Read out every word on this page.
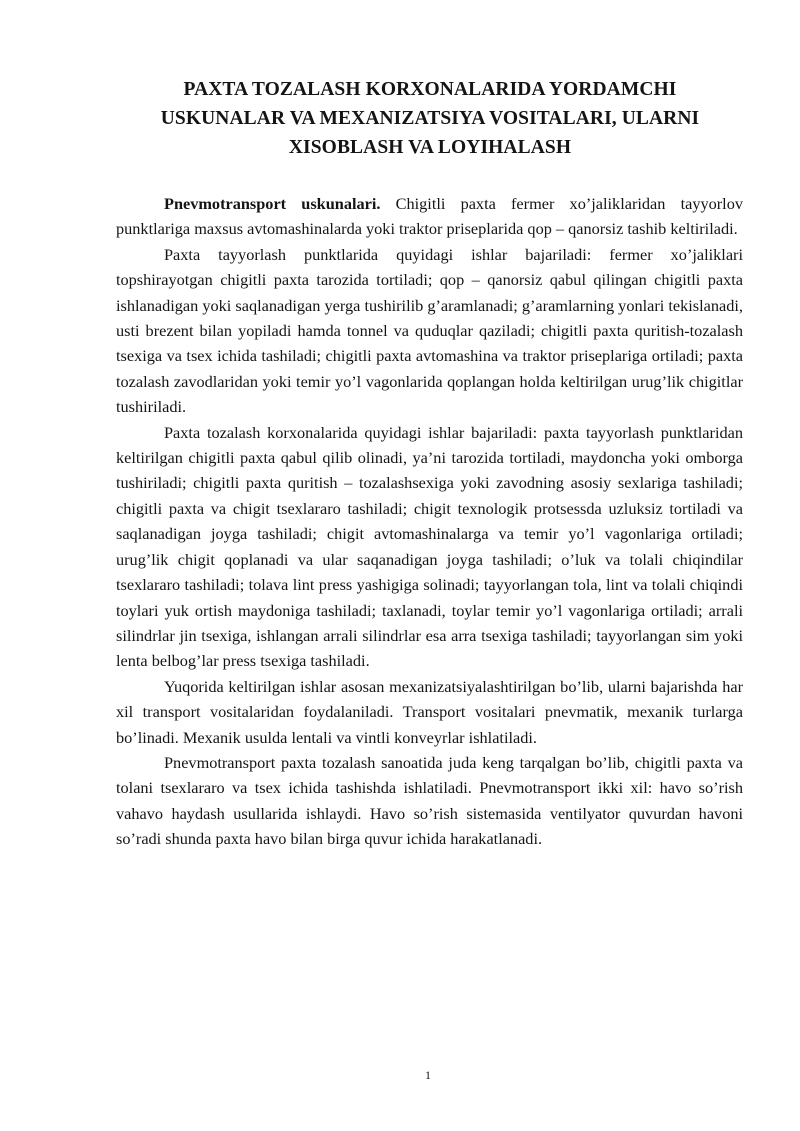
PAXTA TOZALASH KORXONALARIDA YORDAMCHI
USKUNALAR VA MEXANIZATSIYA VOSITALARI, ULARNI
XISOBLASH VA LOYIHALASH

Pnevmotransport uskunalari. Chigitli paxta fermer xo’jaliklaridan tayyorlov punktlariga maxsus avtomashinalarda yoki traktor priseplarida qop – qanorsiz tashib keltiriladi.

Paxta tayyorlash punktlarida quyidagi ishlar bajariladi: fermer xo’jaliklari topshirayotgan chigitli paxta tarozida tortiladi; qop – qanorsiz qabul qilingan chigitli paxta ishlanadigan yoki saqlanadigan yerga tushirilib g’aramlanadi; g’aramlarning yonlari tekislanadi, usti brezent bilan yopiladi hamda tonnel va quduqlar qaziladi; chigitli paxta quritish-tozalash tsexiga va tsex ichida tashiladi; chigitli paxta avtomashina va traktor priseplariga ortiladi; paxta tozalash zavodlaridan yoki temir yo’l vagonlarida qoplangan holda keltirilgan urug’lik chigitlar tushiriladi.

Paxta tozalash korxonalarida quyidagi ishlar bajariladi: paxta tayyorlash punktlaridan keltirilgan chigitli paxta qabul qilib olinadi, ya’ni tarozida tortiladi, maydoncha yoki omborga tushiriladi; chigitli paxta quritish – tozalashsexiga yoki zavodning asosiy sexlariga tashiladi; chigitli paxta va chigit tsexlararo tashiladi; chigit texnologik protsessda uzluksiz tortiladi va saqlanadigan joyga tashiladi; chigit avtomashinalarga va temir yo’l vagonlariga ortiladi; urug’lik chigit qoplanadi va ular saqanadigan joyga tashiladi; o’luk va tolali chiqindilar tsexlararo tashiladi; tolava lint press yashigiga solinadi; tayyorlangan tola, lint va tolali chiqindi toylari yuk ortish maydoniga tashiladi; taxlanadi, toylar temir yo’l vagonlariga ortiladi; arrali silindrlar jin tsexiga, ishlangan arrali silindrlar esa arra tsexiga tashiladi; tayyorlangan sim yoki lenta belbog’lar press tsexiga tashiladi.

Yuqorida keltirilgan ishlar asosan mexanizatsiyalashtirilgan bo’lib, ularni bajarishda har xil transport vositalaridan foydalaniladi. Transport vositalari pnevmatik, mexanik turlarga bo’linadi. Mexanik usulda lentali va vintli konveyrlar ishlatiladi.

Pnevmotransport paxta tozalash sanoatida juda keng tarqalgan bo’lib, chigitli paxta va tolani tsexlararo va tsex ichida tashishda ishlatiladi. Pnevmotransport ikki xil: havo so’rish vahavo haydash usullarida ishlaydi. Havo so’rish sistemasida ventilyator quvurdan havoni so’radi shunda paxta havo bilan birga quvur ichida harakatlanadi.

1
